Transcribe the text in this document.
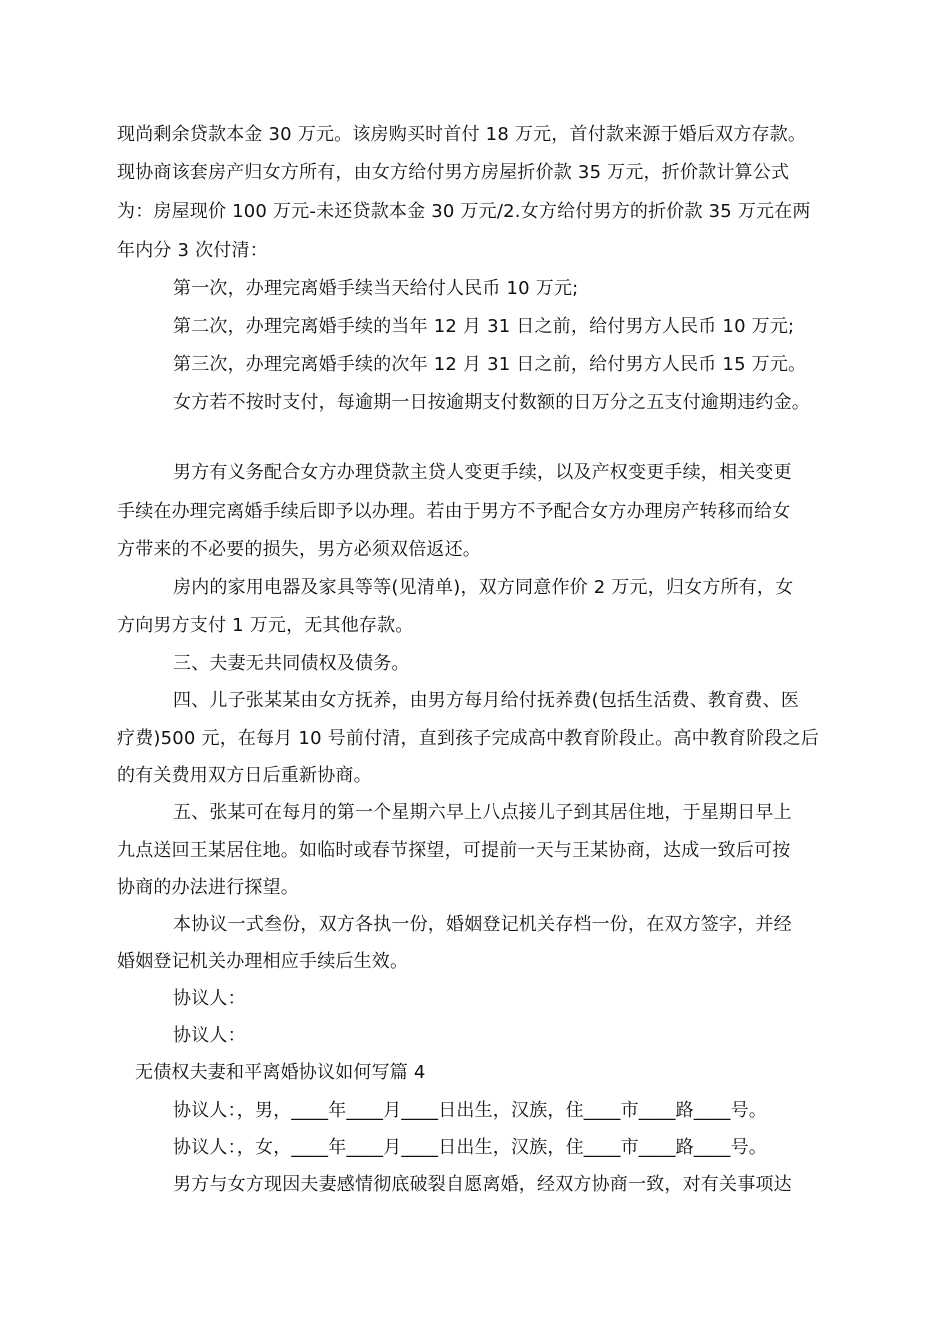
现尚剩余贷款本金 30 万元。该房购买时首付 18 万元，首付款来源于婚后双方存款。
现协商该套房产归女方所有，由女方给付男方房屋折价款 35 万元，折价款计算公式
为：房屋现价 100 万元-未还贷款本金 30 万元/2.女方给付男方的折价款 35 万元在两
年内分 3 次付清：
第一次，办理完离婚手续当天给付人民币 10 万元;
第二次，办理完离婚手续的当年 12 月 31 日之前，给付男方人民币 10 万元;
第三次，办理完离婚手续的次年 12 月 31 日之前，给付男方人民币 15 万元。
女方若不按时支付，每逾期一日按逾期支付数额的日万分之五支付逾期违约金。
男方有义务配合女方办理贷款主贷人变更手续，以及产权变更手续，相关变更
手续在办理完离婚手续后即予以办理。若由于男方不予配合女方办理房产转移而给女
方带来的不必要的损失，男方必须双倍返还。
房内的家用电器及家具等等(见清单)，双方同意作价 2 万元，归女方所有，女
方向男方支付 1 万元，无其他存款。
三、夫妻无共同债权及债务。
四、儿子张某某由女方抚养，由男方每月给付抚养费(包括生活费、教育费、医
疗费)500 元，在每月 10 号前付清，直到孩子完成高中教育阶段止。高中教育阶段之后
的有关费用双方日后重新协商。
五、张某可在每月的第一个星期六早上八点接儿子到其居住地，于星期日早上
九点送回王某居住地。如临时或春节探望，可提前一天与王某协商，达成一致后可按
协商的办法进行探望。
本协议一式叁份，双方各执一份，婚姻登记机关存档一份，在双方签字，并经
婚姻登记机关办理相应手续后生效。
协议人：
协议人：
无债权夫妻和平离婚协议如何写篇 4
协议人：，男，____年____月____日出生，汉族，住____市____路____号。
协议人：，女，____年____月____日出生，汉族，住____市____路____号。
男方与女方现因夫妻感情彻底破裂自愿离婚，经双方协商一致，对有关事项达
